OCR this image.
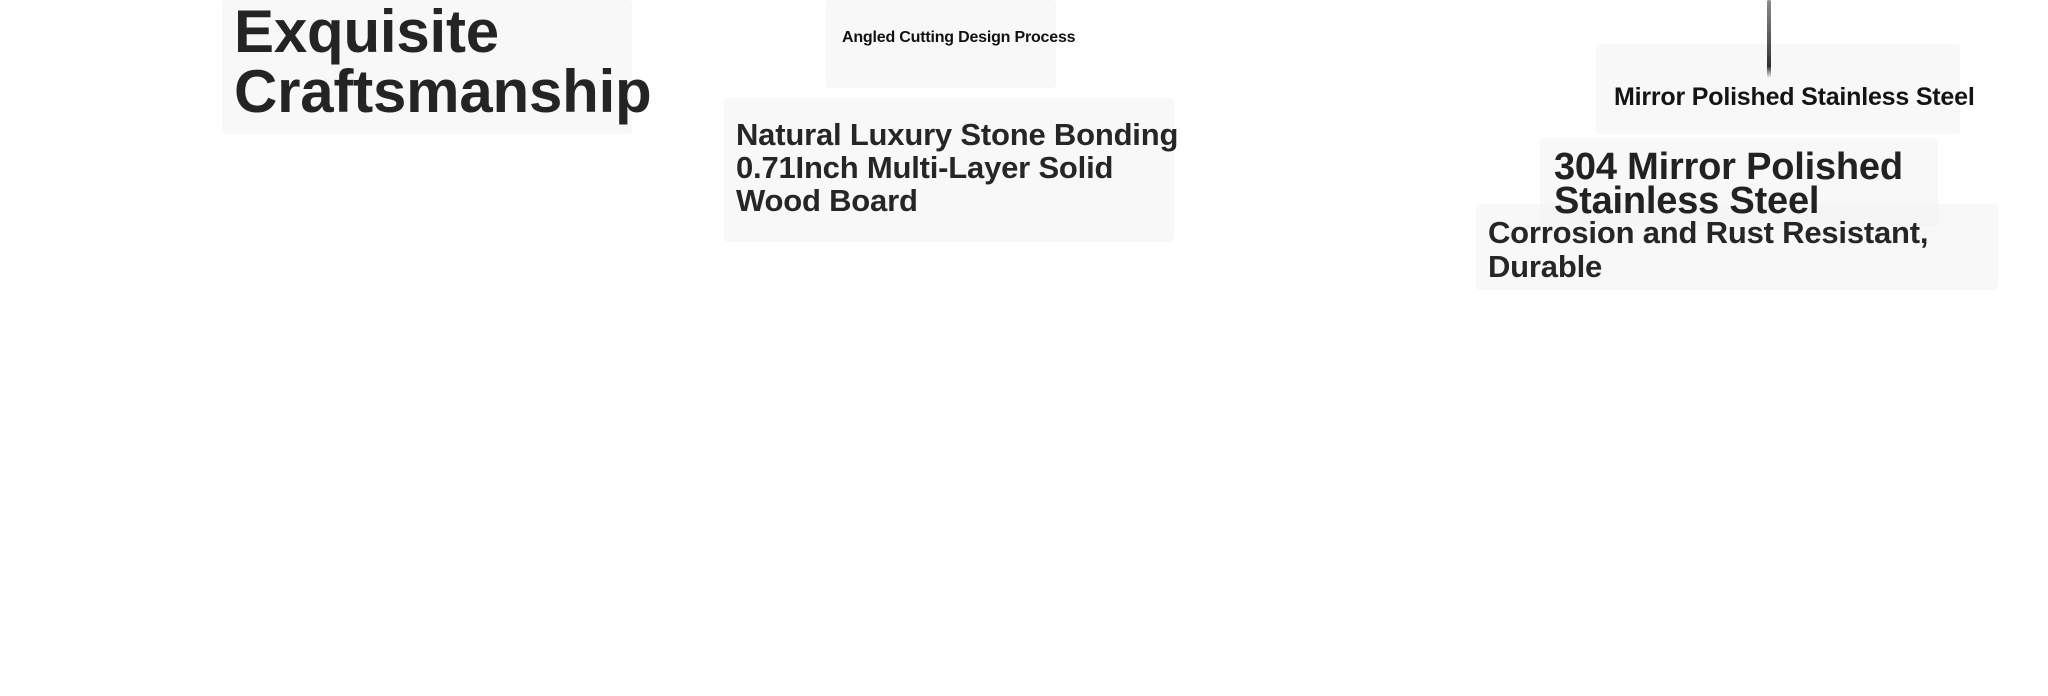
Exquisite
Craftsmanship

Angled Cutting Design Process

Natural Luxury Stone Bonding
0.71Inch Multi-Layer Solid
Wood Board

Mirror Polished Stainless Steel

304 Mirror Polished
Stainless Steel

Corrosion and Rust Resistant,
Durable
